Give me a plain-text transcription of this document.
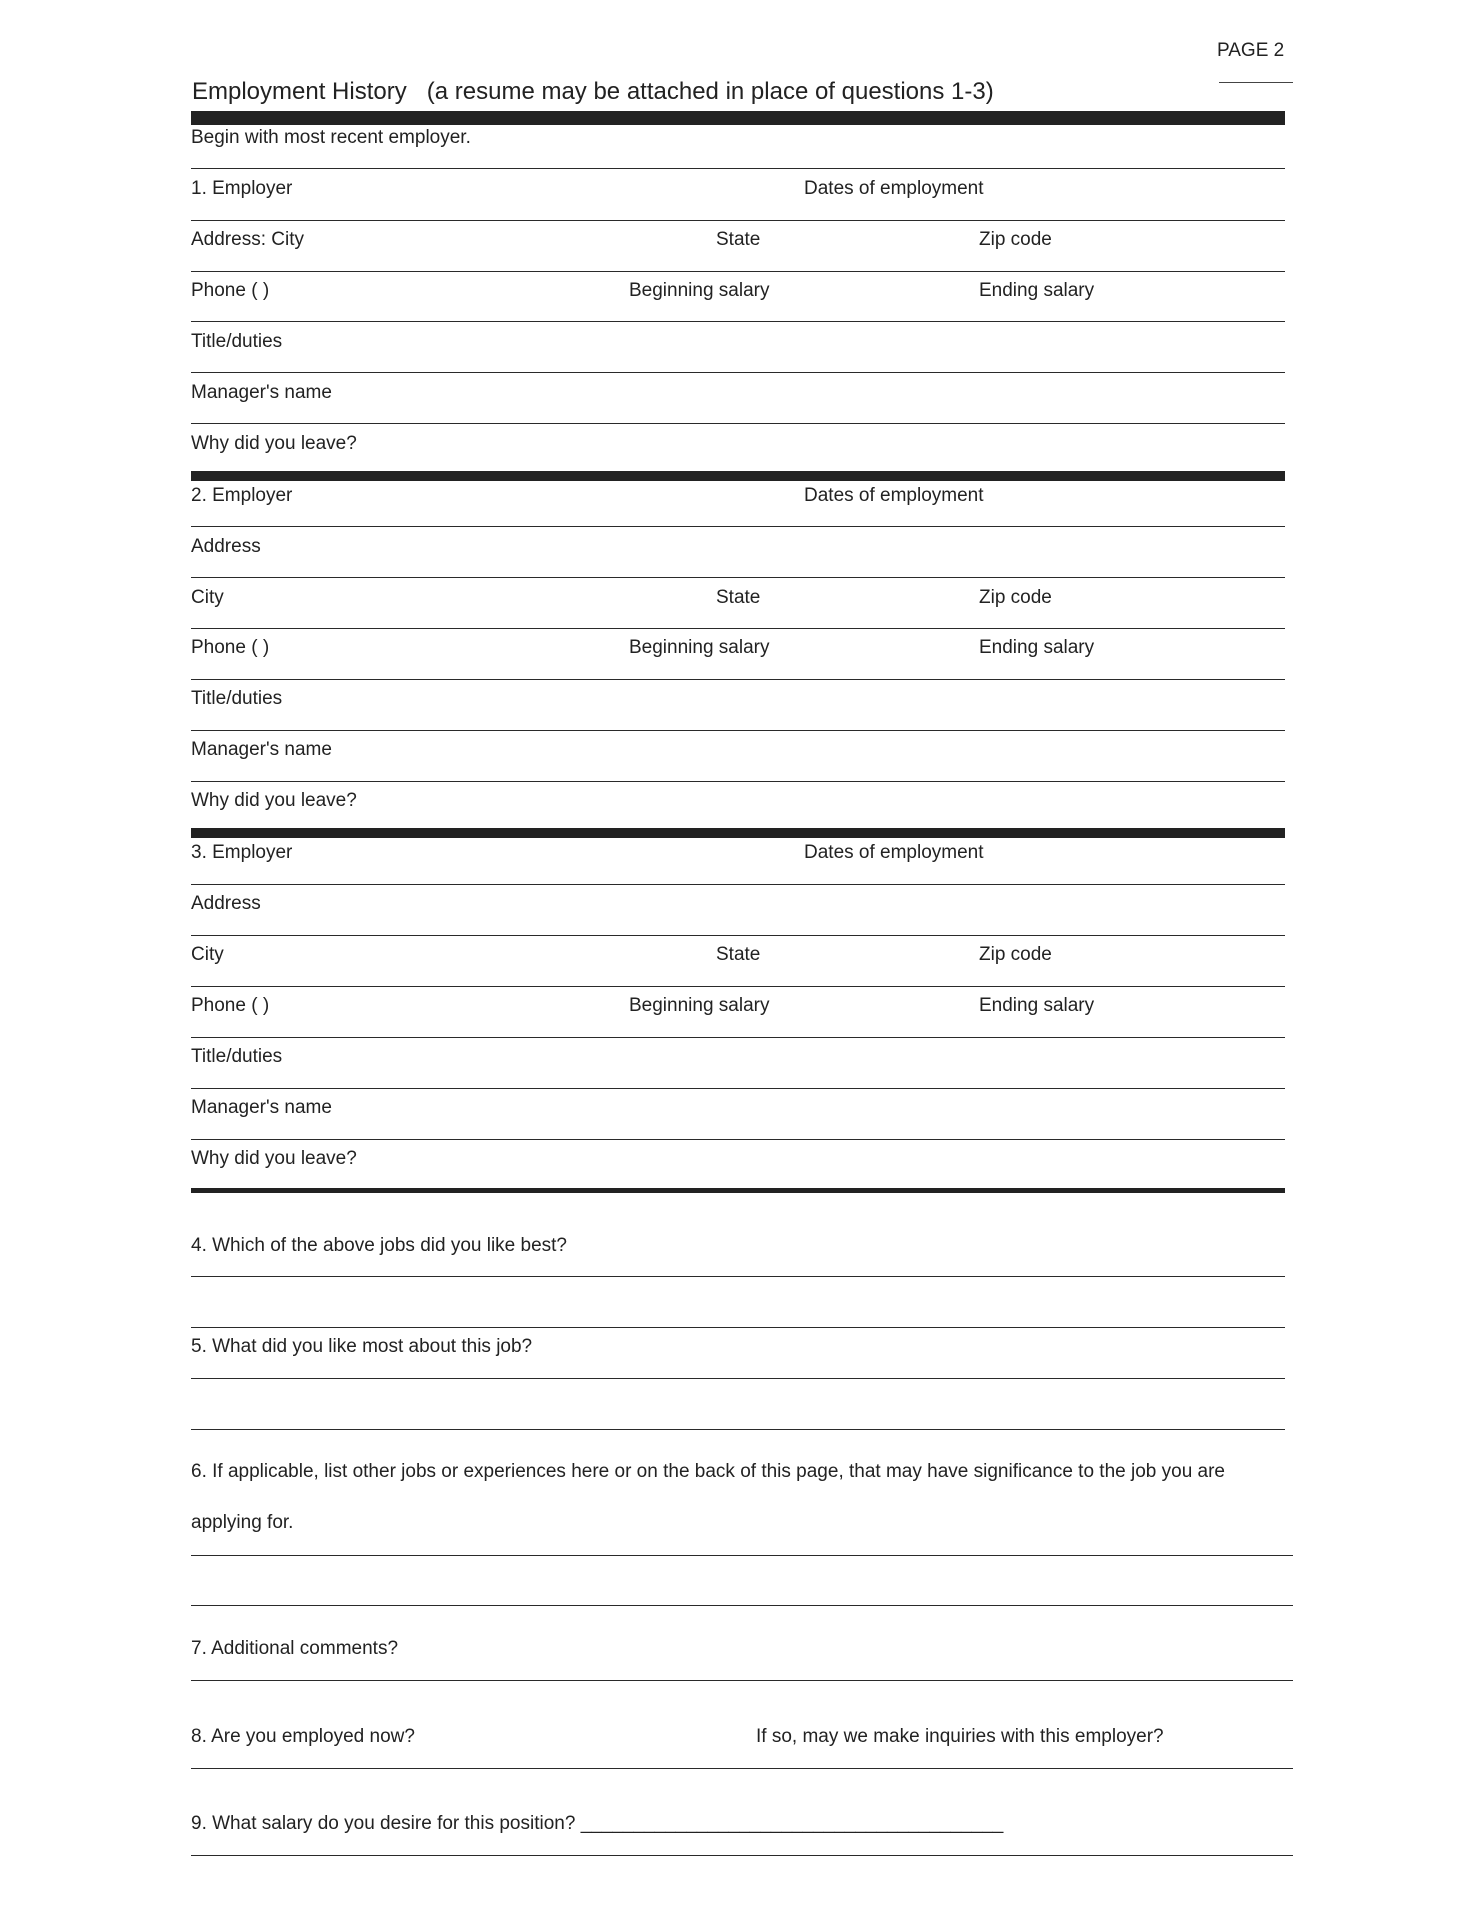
PAGE 2
Employment History (a resume may be attached in place of questions 1-3)
Begin with most recent employer.
1. Employer	Dates of employment
Address: City	State	Zip code
Phone ( )	Beginning salary	Ending salary
Title/duties
Manager's name
Why did you leave?
2. Employer	Dates of employment
Address
City	State	Zip code
Phone ( )	Beginning salary	Ending salary
Title/duties
Manager's name
Why did you leave?
3. Employer	Dates of employment
Address
City	State	Zip code
Phone ( )	Beginning salary	Ending salary
Title/duties
Manager's name
Why did you leave?
4. Which of the above jobs did you like best?
5. What did you like most about this job?
6. If applicable, list other jobs or experiences here or on the back of this page, that may have significance to the job you are
applying for.
7. Additional comments?
8. Are you employed now?	If so, may we make inquiries with this employer?
9. What salary do you desire for this position? ________________________________________
